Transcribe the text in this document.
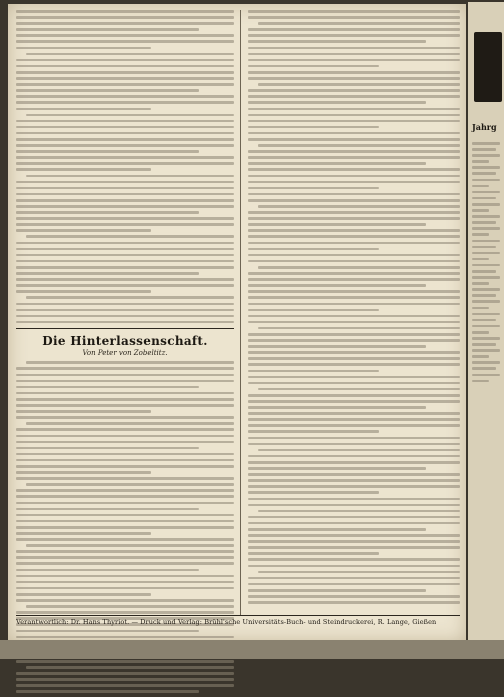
Die Hinterlassenschaft.
Von Peter von Zobeltitz.
Verantwortlich: Dr. Hans Thyriot. — Druck und Verlag: Brühl'sche Universitäts-Buch- und Steindruckerei, R. Lange, Gießen
Jahrg
